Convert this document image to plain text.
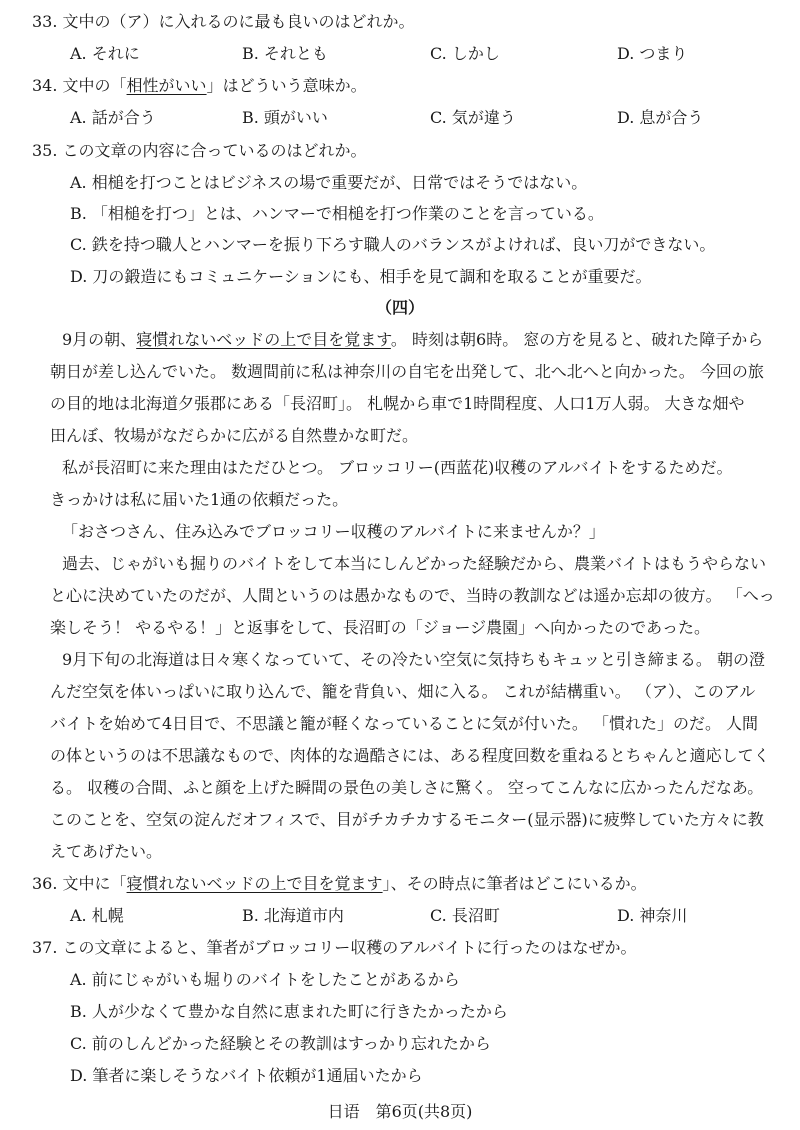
33. 文中の（ア）に入れるのに最も良いのはどれか。
A. それに	B. それとも	C. しかし	D. つまり
34. 文中の「相性がいい」はどういう意味か。
A. 話が合う	B. 頭がいい	C. 気が違う	D. 息が合う
35. この文章の内容に合っているのはどれか。
A. 相槌を打つことはビジネスの場で重要だが、日常ではそうではない。
B. 「相槌を打つ」とは、ハンマーで相槌を打つ作業のことを言っている。
C. 鉄を持つ職人とハンマーを振り下ろす職人のバランスがよければ、良い刀ができない。
D. 刀の鍛造にもコミュニケーションにも、相手を見て調和を取ることが重要だ。
（四）
9月の朝、寝慣れないベッドの上で目を覚ます。 時刻は朝6時。 窓の方を見ると、破れた障子から
朝日が差し込んでいた。 数週間前に私は神奈川の自宅を出発して、北へ北へと向かった。 今回の旅
の目的地は北海道夕張郡にある「長沼町」。 札幌から車で1時間程度、人口1万人弱。 大きな畑や
田んぼ、牧場がなだらかに広がる自然豊かな町だ。
私が長沼町に来た理由はただひとつ。 ブロッコリー(西蓝花)収穫のアルバイトをするためだ。
きっかけは私に届いた1通の依頼だった。
「おさつさん、住み込みでブロッコリー収穫のアルバイトに来ませんか？」
過去、じゃがいも掘りのバイトをして本当にしんどかった経験だから、農業バイトはもうやらない
と心に決めていたのだが、人間というのは愚かなもので、当時の教訓などは遥か忘却の彼方。 「へっ
楽しそう！ やるやる！」と返事をして、長沼町の「ジョージ農園」へ向かったのであった。
9月下旬の北海道は日々寒くなっていて、その冷たい空気に気持ちもキュッと引き締まる。 朝の澄
んだ空気を体いっぱいに取り込んで、籠を背負い、畑に入る。 これが結構重い。 （ア）、このアル
バイトを始めて4日目で、不思議と籠が軽くなっていることに気が付いた。 「慣れた」のだ。 人間
の体というのは不思議なもので、肉体的な過酷さには、ある程度回数を重ねるとちゃんと適応してく
る。 収穫の合間、ふと顔を上げた瞬間の景色の美しさに驚く。 空ってこんなに広かったんだなあ。
このことを、空気の淀んだオフィスで、目がチカチカするモニター(显示器)に疲弊していた方々に教
えてあげたい。
36. 文中に「寝慣れないベッドの上で目を覚ます」、その時点に筆者はどこにいるか。
A. 札幌	B. 北海道市内	C. 長沼町	D. 神奈川
37. この文章によると、筆者がブロッコリー収穫のアルバイトに行ったのはなぜか。
A. 前にじゃがいも堀りのバイトをしたことがあるから
B. 人が少なくて豊かな自然に恵まれた町に行きたかったから
C. 前のしんどかった経験とその教訓はすっかり忘れたから
D. 筆者に楽しそうなバイト依頼が1通届いたから
日语　第6页(共8页)
